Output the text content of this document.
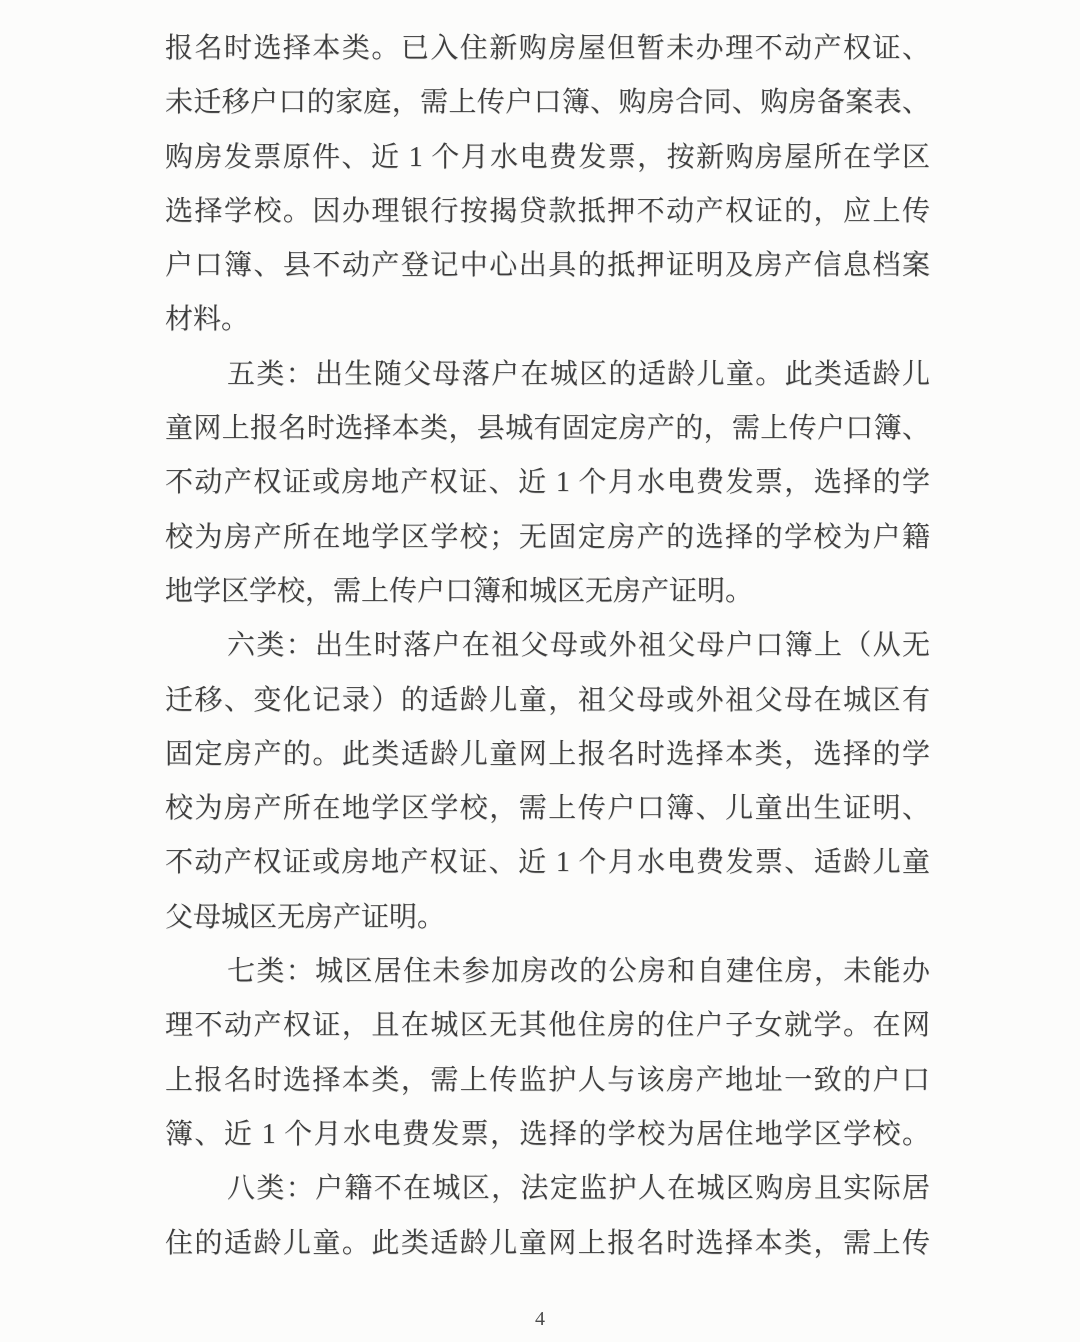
报名时选择本类。已入住新购房屋但暂未办理不动产权证、
未迁移户口的家庭，需上传户口簿、购房合同、购房备案表、
购房发票原件、近 1 个月水电费发票，按新购房屋所在学区
选择学校。因办理银行按揭贷款抵押不动产权证的，应上传
户口簿、县不动产登记中心出具的抵押证明及房产信息档案
材料。
五类：出生随父母落户在城区的适龄儿童。此类适龄儿
童网上报名时选择本类，县城有固定房产的，需上传户口簿、
不动产权证或房地产权证、近 1 个月水电费发票，选择的学
校为房产所在地学区学校；无固定房产的选择的学校为户籍
地学区学校，需上传户口簿和城区无房产证明。
六类：出生时落户在祖父母或外祖父母户口簿上（从无
迁移、变化记录）的适龄儿童，祖父母或外祖父母在城区有
固定房产的。此类适龄儿童网上报名时选择本类，选择的学
校为房产所在地学区学校，需上传户口簿、儿童出生证明、
不动产权证或房地产权证、近 1 个月水电费发票、适龄儿童
父母城区无房产证明。
七类：城区居住未参加房改的公房和自建住房，未能办
理不动产权证，且在城区无其他住房的住户子女就学。在网
上报名时选择本类，需上传监护人与该房产地址一致的户口
簿、近 1 个月水电费发票，选择的学校为居住地学区学校。
八类：户籍不在城区，法定监护人在城区购房且实际居
住的适龄儿童。此类适龄儿童网上报名时选择本类，需上传
4
